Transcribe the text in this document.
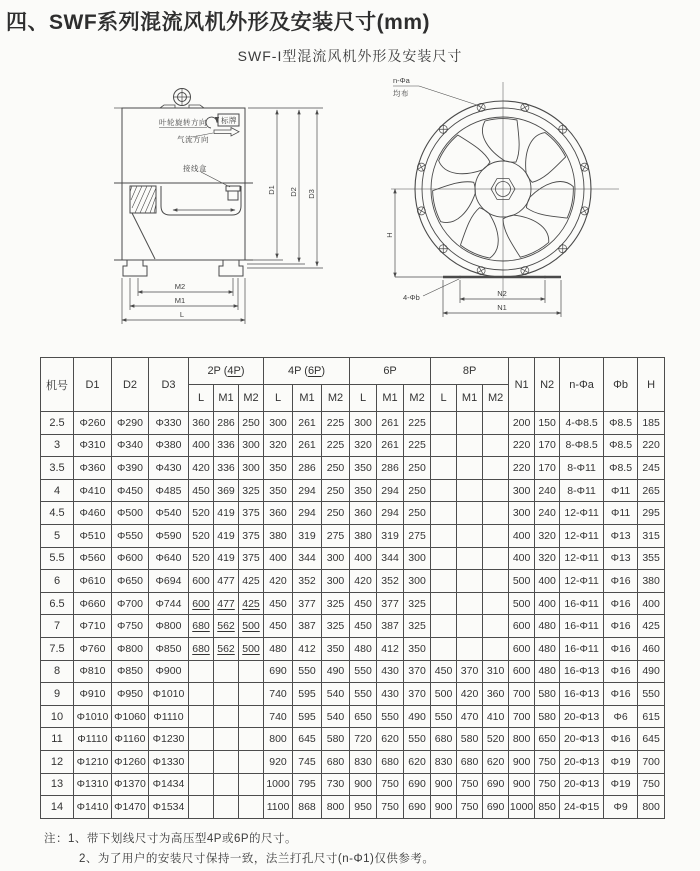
四、SWF系列混流风机外形及安装尺寸(mm)
SWF-I型混流风机外形及安装尺寸
叶轮旋转方向 标牌
气流方向
接线盒
M2
M1
L
D1 D2 D3
n-Φa
均布
4-Φb	N2
N1
H
机号	D1	D2	D3	2P (4P)			4P (6P)			6P			8P			N1	N2	n-Φa	Φb	H
				L	M1	M2	L	M1	M2	L	M1	M2	L	M1	M2					
2.5	Φ260	Φ290	Φ330	360	286	250	300	261	225	300	261	225				200	150	4-Φ8.5	Φ8.5	185
3	Φ310	Φ340	Φ380	400	336	300	320	261	225	320	261	225				220	170	8-Φ8.5	Φ8.5	220
3.5	Φ360	Φ390	Φ430	420	336	300	350	286	250	350	286	250				220	170	8-Φ11	Φ8.5	245
4	Φ410	Φ450	Φ485	450	369	325	350	294	250	350	294	250				300	240	8-Φ11	Φ11	265
4.5	Φ460	Φ500	Φ540	520	419	375	360	294	250	360	294	250				300	240	12-Φ11	Φ11	295
5	Φ510	Φ550	Φ590	520	419	375	380	319	275	380	319	275				400	320	12-Φ11	Φ13	315
5.5	Φ560	Φ600	Φ640	520	419	375	400	344	300	400	344	300				400	320	12-Φ11	Φ13	355
6	Φ610	Φ650	Φ694	600	477	425	420	352	300	420	352	300				500	400	12-Φ11	Φ16	380
6.5	Φ660	Φ700	Φ744	600	477	425	450	377	325	450	377	325				500	400	16-Φ11	Φ16	400
7	Φ710	Φ750	Φ800	680	562	500	450	387	325	450	387	325				600	480	16-Φ11	Φ16	425
7.5	Φ760	Φ800	Φ850	680	562	500	480	412	350	480	412	350				600	480	16-Φ11	Φ16	460
8	Φ810	Φ850	Φ900				690	550	490	550	430	370	450	370	310	600	480	16-Φ13	Φ16	490
9	Φ910	Φ950	Φ1010				740	595	540	550	430	370	500	420	360	700	580	16-Φ13	Φ16	550
10	Φ1010	Φ1060	Φ1110				740	595	540	650	550	490	550	470	410	700	580	20-Φ13	Φ6	615
11	Φ1110	Φ1160	Φ1230				800	645	580	720	620	550	680	580	520	800	650	20-Φ13	Φ16	645
12	Φ1210	Φ1260	Φ1330				920	745	680	830	680	620	830	680	620	900	750	20-Φ13	Φ19	700
13	Φ1310	Φ1370	Φ1434				1000	795	730	900	750	690	900	750	690	900	750	20-Φ13	Φ19	750
14	Φ1410	Φ1470	Φ1534				1100	868	800	950	750	690	900	750	690	1000	850	24-Φ15	Φ9	800
注：1、带下划线尺寸为高压型4P或6P的尺寸。
2、为了用户的安装尺寸保持一致，法兰打孔尺寸(n-Φ1)仅供参考。
